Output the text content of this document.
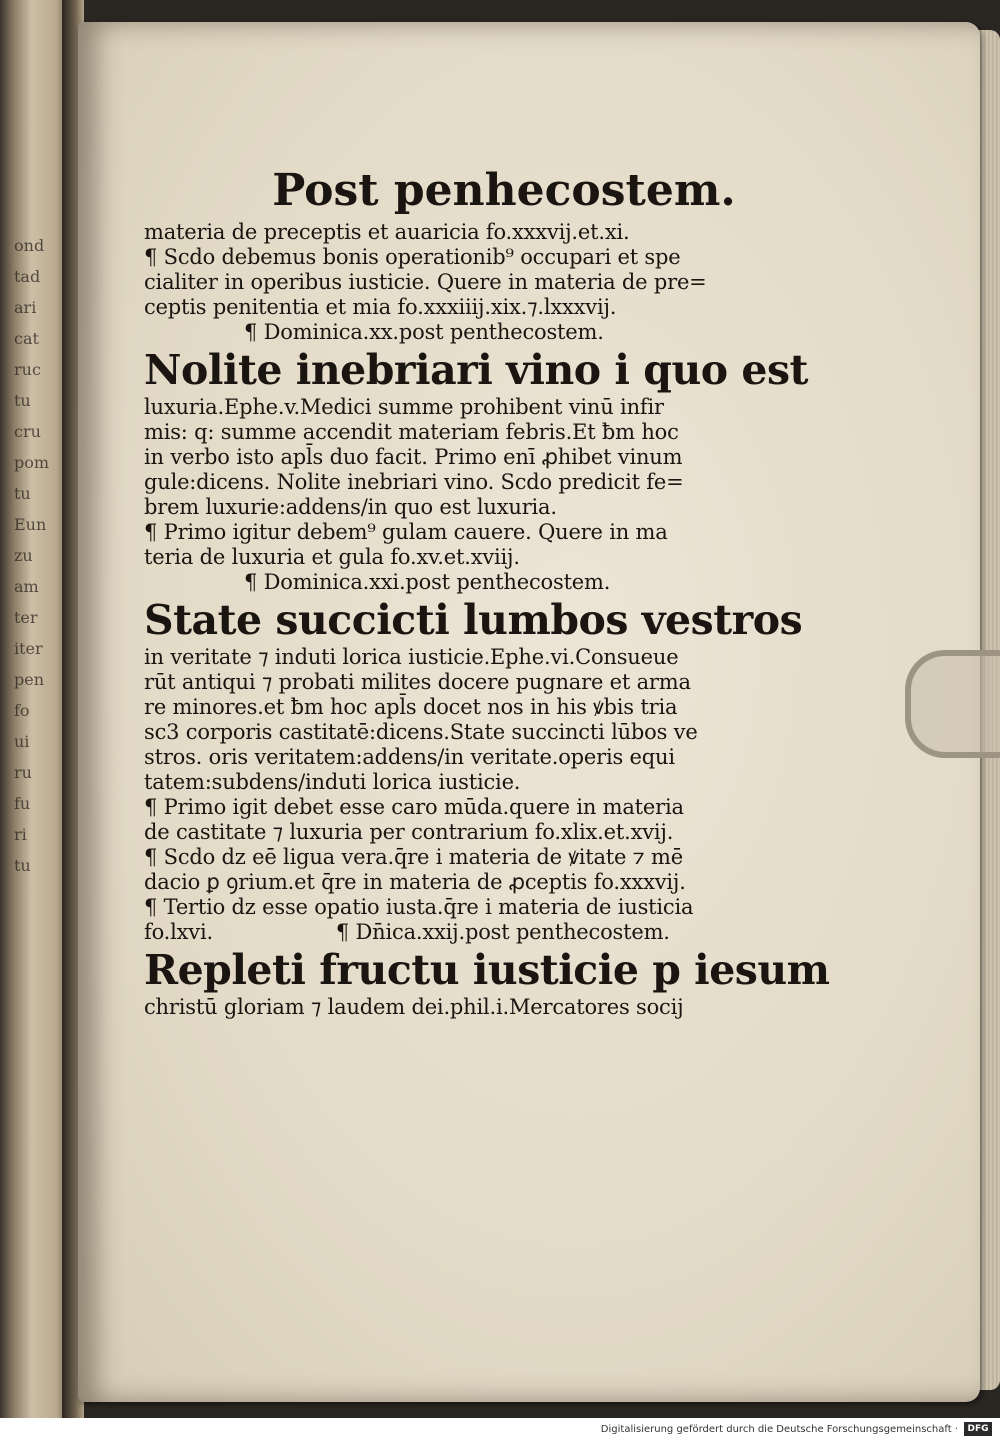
ond
tad
ari
cat
ruc
tu
cru
pom
tu
Eun
zu
am
ter
iter
pen
fo
ui
ru
fu
ri
tu
Post penhecostem.
materia de preceptis et auaricia fo.xxxvij.et.xi.
¶ Scdo debemus bonis operationib⁹ occupari et spe
cialiter in operibus iusticie. Quere in materia de pre=
ceptis penitentia et mia fo.xxxiiij.xix.⁊.lxxxvij.
¶ Dominica.xx.post penthecostem.
Nolite inebriari vino i quo est
luxuria.Ephe.v.Medici summe prohibent vinū infir
mis: q: summe accendit materiam febris.Et ƀm hoc
in verbo isto apl̄s duo facit. Primo enī ꝓhibet vinum
gule:dicens. Nolite inebriari vino. Scdo predicit fe=
brem luxurie:addens/in quo est luxuria.
¶ Primo igitur debem⁹ gulam cauere. Quere in ma
teria de luxuria et gula fo.xv.et.xviij.
¶ Dominica.xxi.post penthecostem.
State succicti lumbos vestros
in veritate ⁊ induti lorica iusticie.Ephe.vi.Consueue
rūt antiqui ⁊ probati milites docere pugnare et arma
re minores.et ƀm hoc apl̄s docet nos in his ꝟbis tria
sc3 corporis castitatē:dicens.State succincti lūbos ve
stros. oris veritatem:addens/in veritate.operis equi
tatem:subdens/induti lorica iusticie.
¶ Primo igit debet esse caro mūda.quere in materia
de castitate ⁊ luxuria per contrarium fo.xlix.et.xvij.
¶ Scdo dz eē ligua vera.q̄re i materia de ꝟitate ⁊ mē
dacio ꝑ ꝯrium.et q̄re in materia de ꝓceptis fo.xxxvij.
¶ Tertio dz esse opatio iusta.q̄re i materia de iusticia
fo.lxvi.	¶ Dn̄ica.xxij.post penthecostem.
Repleti fructu iusticie p iesum
christū gloriam ⁊ laudem dei.phil.i.Mercatores socij
Digitalisierung gefördert durch die Deutsche Forschungsgemeinschaft ·	DFG
